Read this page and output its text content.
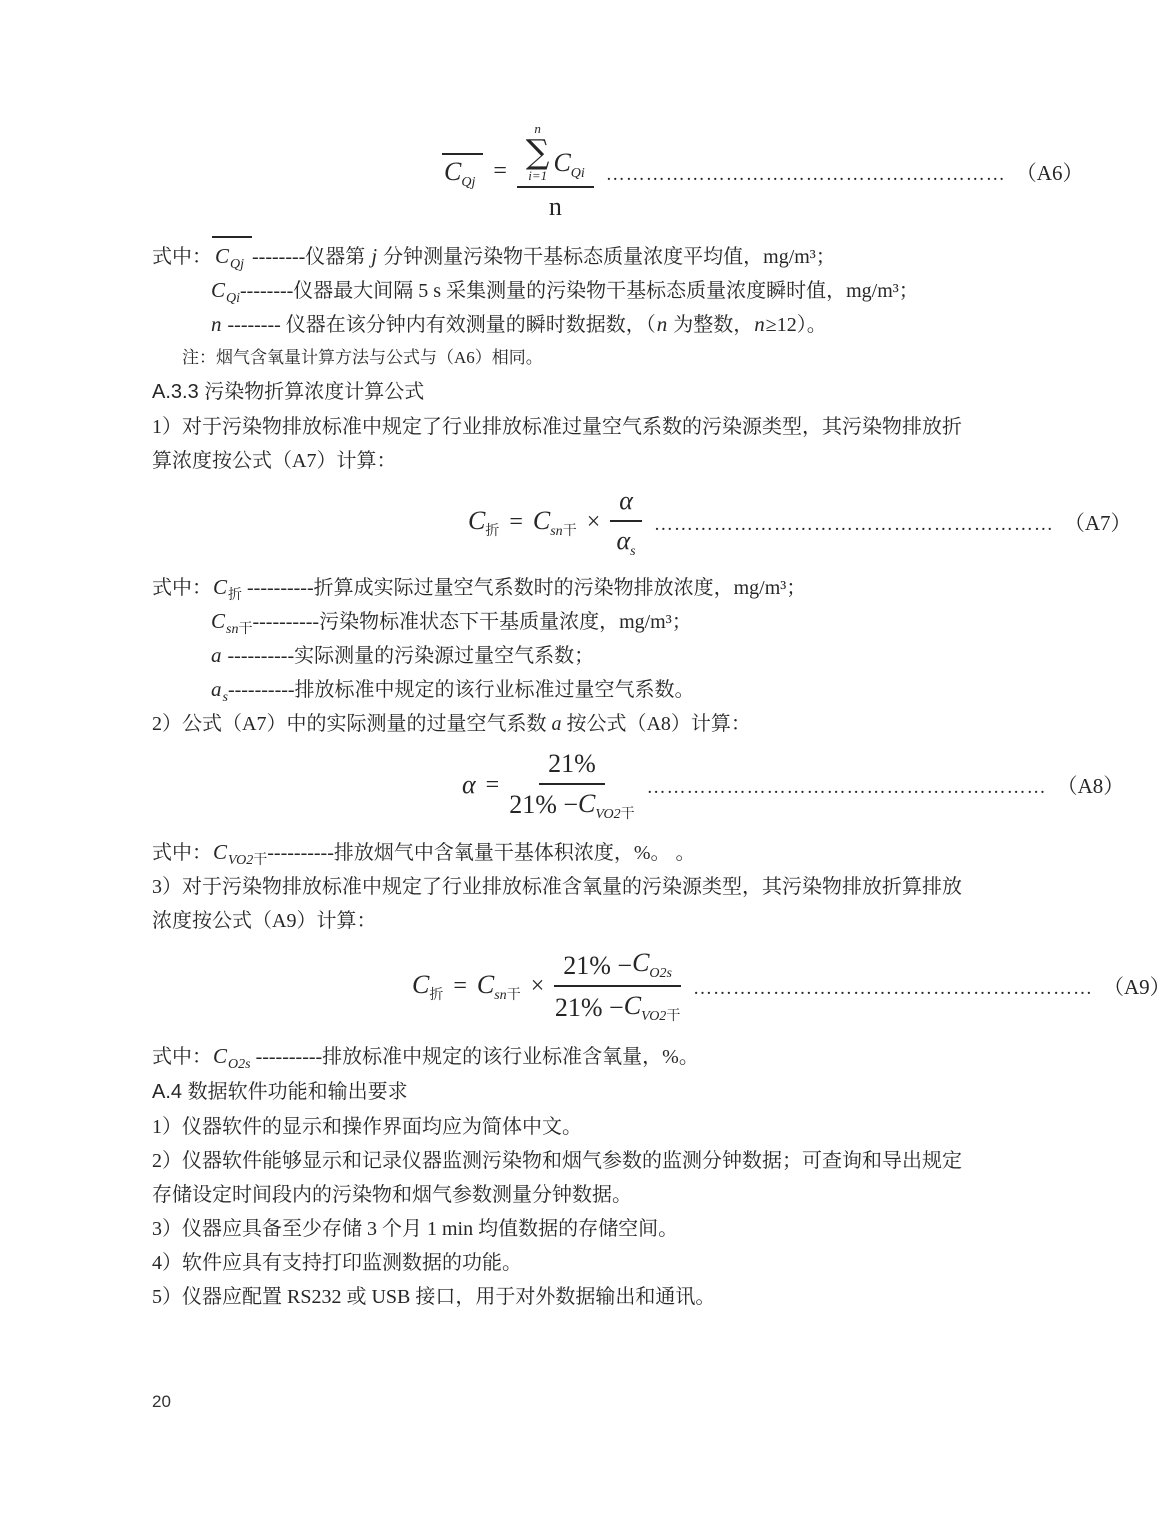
$C_{Qj} = n$
∑
i=1 $C_{Qi}$
n …………………………………………………… （A6）
式中： $C_{Qj}$ --------仪器第 j 分钟测量污染物干基标态质量浓度平均值，mg/m³；
$C_{Qi}--------$仪器最大间隔 5 s 采集测量的污染物干基标态质量浓度瞬时值，mg/m³；
n -------- 仪器在该分钟内有效测量的瞬时数据数，（n 为整数，n≥12）。
注：烟气含氧量计算方法与公式与（A6）相同。
A.3.3 污染物折算浓度计算公式
1）对于污染物排放标准中规定了行业排放标准过量空气系数的污染源类型，其污染物排放折
算浓度按公式（A7）计算：
$C_折 = C_{sn干} \times \frac{\alpha}{\alpha_s}$ …………………………………………………… （A7）
式中：$C_折$ ----------折算成实际过量空气系数时的污染物排放浓度，mg/m³；
$C_{sn干}----------$污染物标准状态下干基质量浓度，mg/m³；
a ----------实际测量的污染源过量空气系数；
$a_s----------$排放标准中规定的该行业标准过量空气系数。
2）公式（A7）中的实际测量的过量空气系数 a 按公式（A8）计算：
$\alpha = \frac{21\%}{21\% - C_{VO2干}}$ …………………………………………………… （A8）
式中：$C_{VO2干}----------$排放烟气中含氧量干基体积浓度，%。 。
3）对于污染物排放标准中规定了行业排放标准含氧量的污染源类型，其污染物排放折算排放
浓度按公式（A9）计算：
$C_折 = C_{sn干} \times \frac{21\% - C_{O2s}}{21\% - C_{VO2干}}$ …………………………………………………… （A9）
式中：$C_{O2s}$ ----------排放标准中规定的该行业标准含氧量，%。
A.4 数据软件功能和输出要求
1）仪器软件的显示和操作界面均应为简体中文。
2）仪器软件能够显示和记录仪器监测污染物和烟气参数的监测分钟数据；可查询和导出规定
存储设定时间段内的污染物和烟气参数测量分钟数据。
3）仪器应具备至少存储 3 个月 1 min 均值数据的存储空间。
4）软件应具有支持打印监测数据的功能。
5）仪器应配置 RS232 或 USB 接口，用于对外数据输出和通讯。
20
